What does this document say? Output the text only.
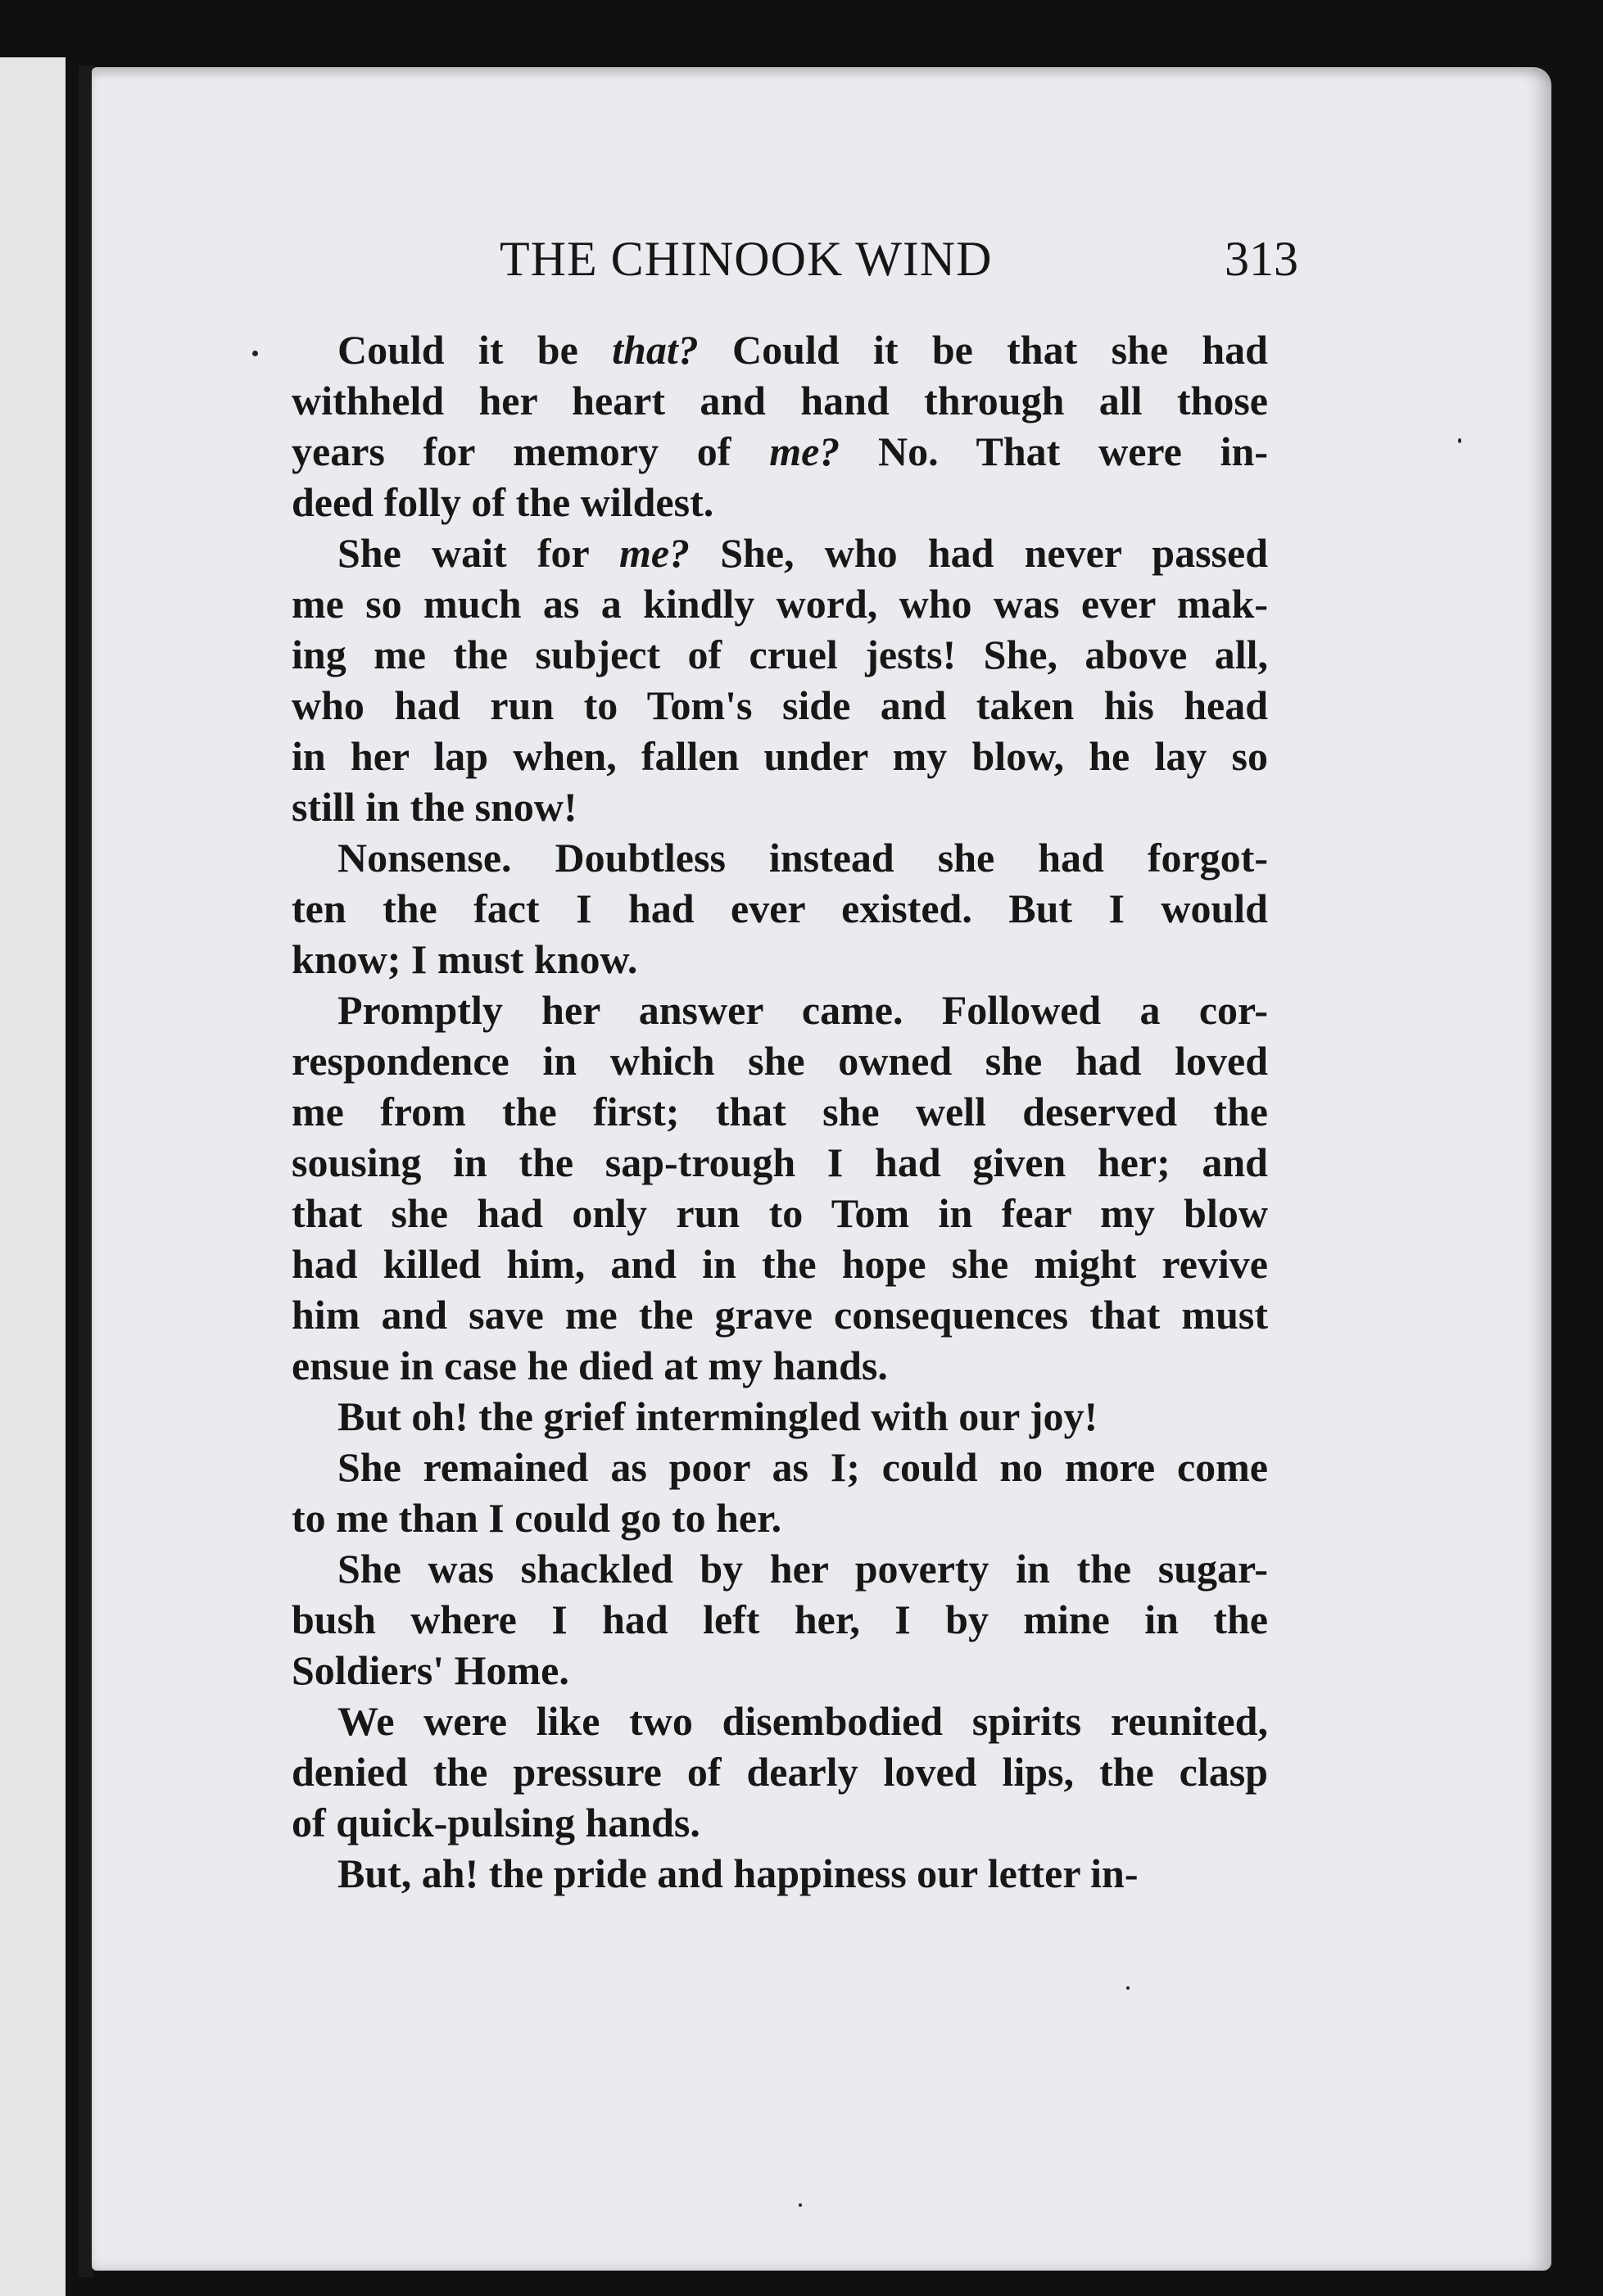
THE CHINOOK WIND	313
Could it be that? Could it be that she had
withheld her heart and hand through all those
years for memory of me? No. That were in-
deed folly of the wildest.
She wait for me? She, who had never passed
me so much as a kindly word, who was ever mak-
ing me the subject of cruel jests! She, above all,
who had run to Tom's side and taken his head
in her lap when, fallen under my blow, he lay so
still in the snow!
Nonsense. Doubtless instead she had forgot-
ten the fact I had ever existed. But I would
know; I must know.
Promptly her answer came. Followed a cor-
respondence in which she owned she had loved
me from the first; that she well deserved the
sousing in the sap-trough I had given her; and
that she had only run to Tom in fear my blow
had killed him, and in the hope she might revive
him and save me the grave consequences that must
ensue in case he died at my hands.
But oh! the grief intermingled with our joy!
She remained as poor as I; could no more come
to me than I could go to her.
She was shackled by her poverty in the sugar-
bush where I had left her, I by mine in the
Soldiers' Home.
We were like two disembodied spirits reunited,
denied the pressure of dearly loved lips, the clasp
of quick-pulsing hands.
But, ah! the pride and happiness our letter in-
